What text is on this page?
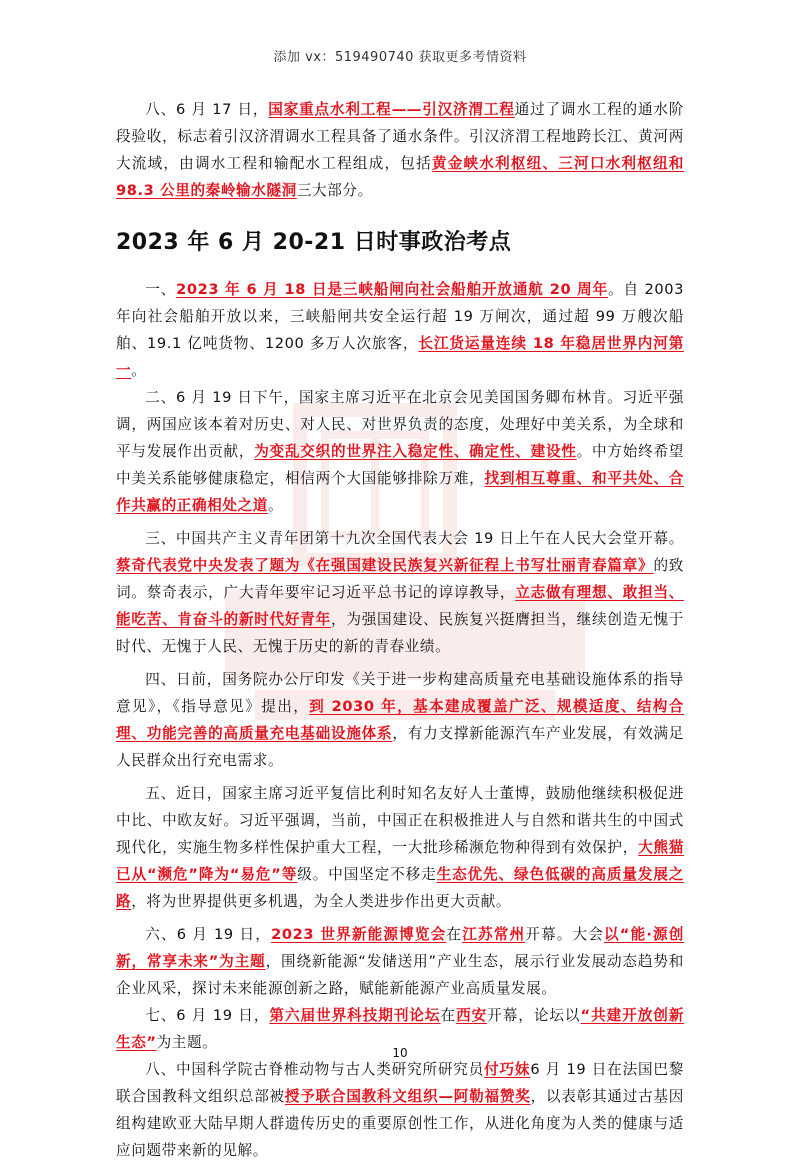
添加 vx：519490740 获取更多考情资料

八、6 月 17 日，国家重点水利工程——引汉济渭工程通过了调水工程的通水阶段验收，标志着引汉济渭调水工程具备了通水条件。引汉济渭工程地跨长江、黄河两大流域，由调水工程和输配水工程组成，包括黄金峡水利枢纽、三河口水利枢纽和 98.3 公里的秦岭输水隧洞三大部分。

2023 年 6 月 20-21 日时事政治考点

一、2023 年 6 月 18 日是三峡船闸向社会船舶开放通航 20 周年。自 2003 年向社会船舶开放以来，三峡船闸共安全运行超 19 万闸次，通过超 99 万艘次船舶、19.1 亿吨货物、1200 多万人次旅客，长江货运量连续 18 年稳居世界内河第一。

二、6 月 19 日下午，国家主席习近平在北京会见美国国务卿布林肯。习近平强调，两国应该本着对历史、对人民、对世界负责的态度，处理好中美关系，为全球和平与发展作出贡献，为变乱交织的世界注入稳定性、确定性、建设性。中方始终希望中美关系能够健康稳定，相信两个大国能够排除万难，找到相互尊重、和平共处、合作共赢的正确相处之道。

三、中国共产主义青年团第十九次全国代表大会 19 日上午在人民大会堂开幕。蔡奇代表党中央发表了题为《在强国建设民族复兴新征程上书写壮丽青春篇章》的致词。蔡奇表示，广大青年要牢记习近平总书记的谆谆教导，立志做有理想、敢担当、能吃苦、肯奋斗的新时代好青年，为强国建设、民族复兴挺膺担当，继续创造无愧于时代、无愧于人民、无愧于历史的新的青春业绩。

四、日前，国务院办公厅印发《关于进一步构建高质量充电基础设施体系的指导意见》，《指导意见》提出，到 2030 年，基本建成覆盖广泛、规模适度、结构合理、功能完善的高质量充电基础设施体系，有力支撑新能源汽车产业发展，有效满足人民群众出行充电需求。

五、近日，国家主席习近平复信比利时知名友好人士董博，鼓励他继续积极促进中比、中欧友好。习近平强调，当前，中国正在积极推进人与自然和谐共生的中国式现代化，实施生物多样性保护重大工程，一大批珍稀濒危物种得到有效保护，大熊猫已从“濒危”降为“易危”等级。中国坚定不移走生态优先、绿色低碳的高质量发展之路，将为世界提供更多机遇，为全人类进步作出更大贡献。

六、6 月 19 日，2023 世界新能源博览会在江苏常州开幕。大会以“能·源创新，常享未来”为主题，围绕新能源“发储送用”产业生态，展示行业发展动态趋势和企业风采，探讨未来能源创新之路，赋能新能源产业高质量发展。

七、6 月 19 日，第六届世界科技期刊论坛在西安开幕，论坛以“共建开放创新生态”为主题。

八、中国科学院古脊椎动物与古人类研究所研究员付巧妹6 月 19 日在法国巴黎联合国教科文组织总部被授予联合国教科文组织—阿勒福赞奖，以表彰其通过古基因组构建欧亚大陆早期人群遗传历史的重要原创性工作，从进化角度为人类的健康与适应问题带来新的见解。

10
